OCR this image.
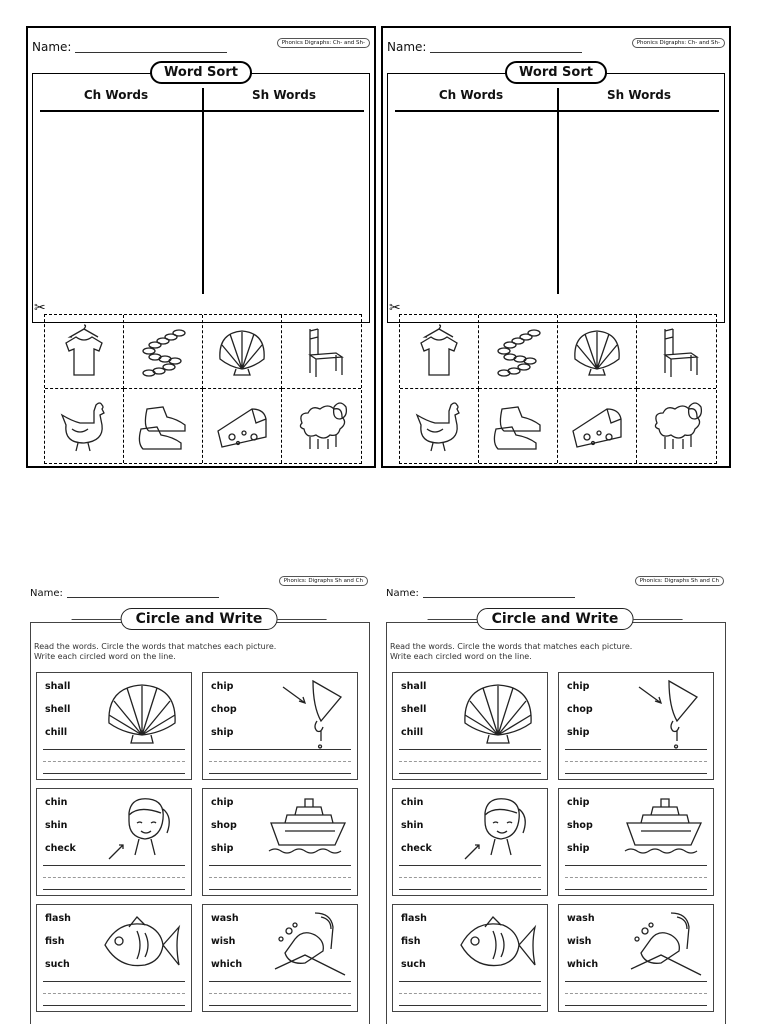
Name:	Phonics Digraphs: Ch- and Sh-
Word Sort
Ch Words	Sh Words
✂
Name:	Phonics Digraphs: Ch- and Sh-
Word Sort
Ch Words	Sh Words
✂
Name:
Phonics: Digraphs Sh and Ch
Circle and Write
Read the words. Circle the words that matches each picture.
Write each circled word on the line.
shall
shell
chill
chip
chop
ship
chin
shin
check
chip
shop
ship
flash
fish
such
wash
wish
which
Name:
Phonics: Digraphs Sh and Ch
Circle and Write
Read the words. Circle the words that matches each picture.
Write each circled word on the line.
shall
shell
chill
chip
chop
ship
chin
shin
check
chip
shop
ship
flash
fish
such
wash
wish
which
